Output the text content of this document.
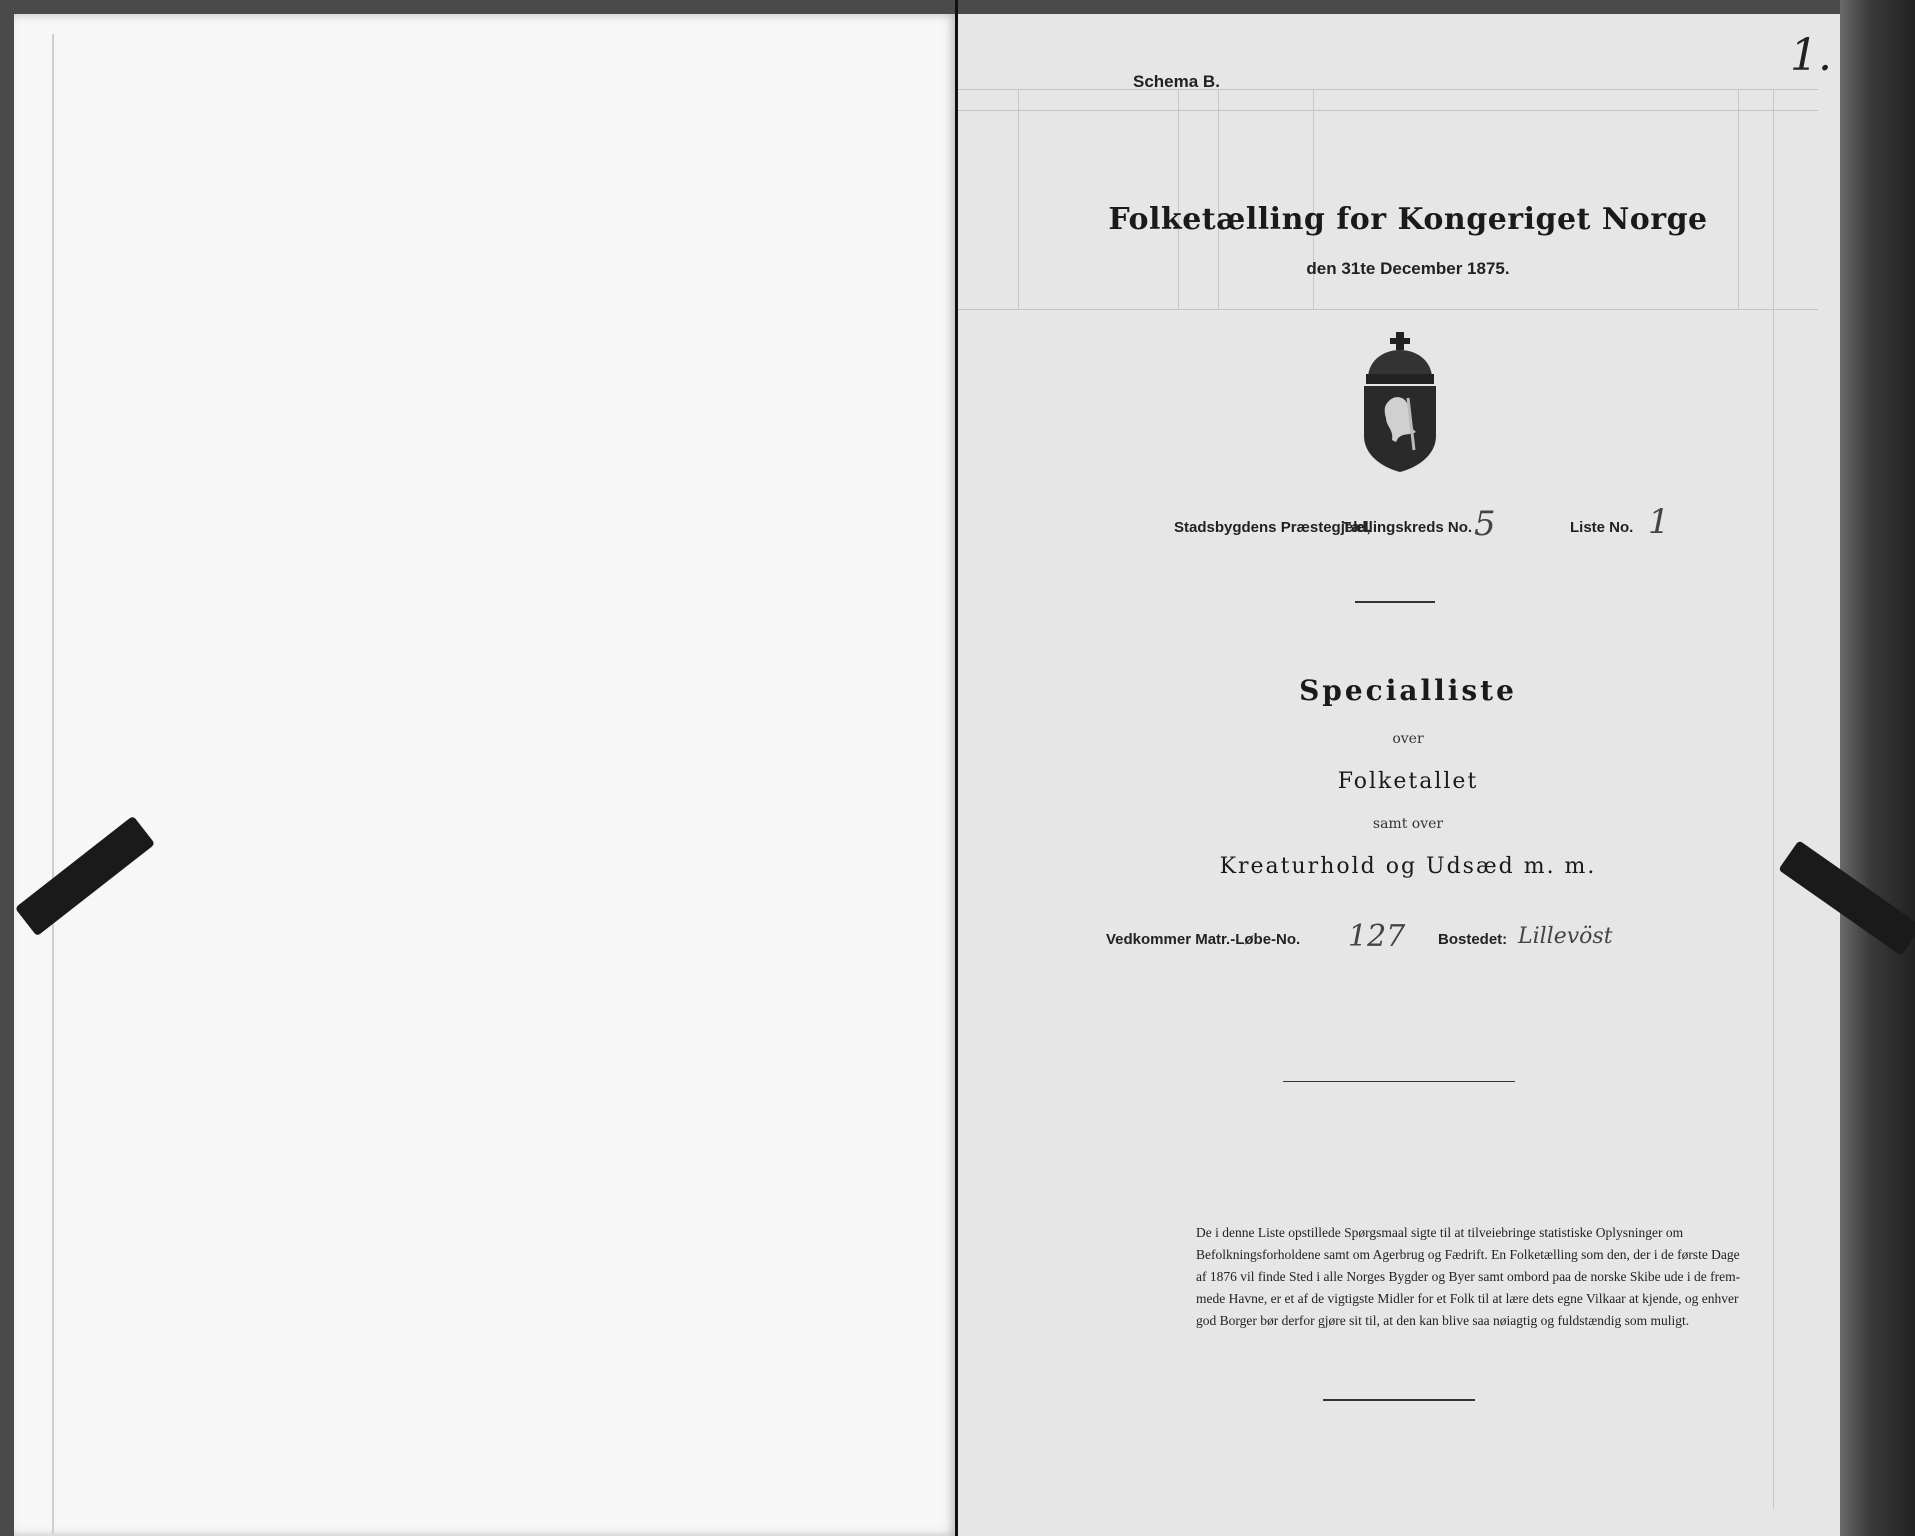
Schema B.
Folketælling for Kongeriget Norge
den 31te December 1875.
Stadsbygdens Præstegjeld,
Tællingskreds No. 5	Liste No. 1
Specialliste
over
Folketallet
samt over
Kreaturhold og Udsæd m. m.
Vedkommer Matr.-Løbe-No. 127 Bostedet: Lillevöst
De i denne Liste opstillede Spørgsmaal sigte til at tilveiebringe statistiske Oplysninger om
Befolkningsforholdene samt om Agerbrug og Fædrift. En Folketælling som den, der i de første Dage
af 1876 vil finde Sted i alle Norges Bygder og Byer samt ombord paa de norske Skibe ude i de frem-
mede Havne, er et af de vigtigste Midler for et Folk til at lære dets egne Vilkaar at kjende, og enhver
god Borger bør derfor gjøre sit til, at den kan blive saa nøiagtig og fuldstændig som muligt.
1.
